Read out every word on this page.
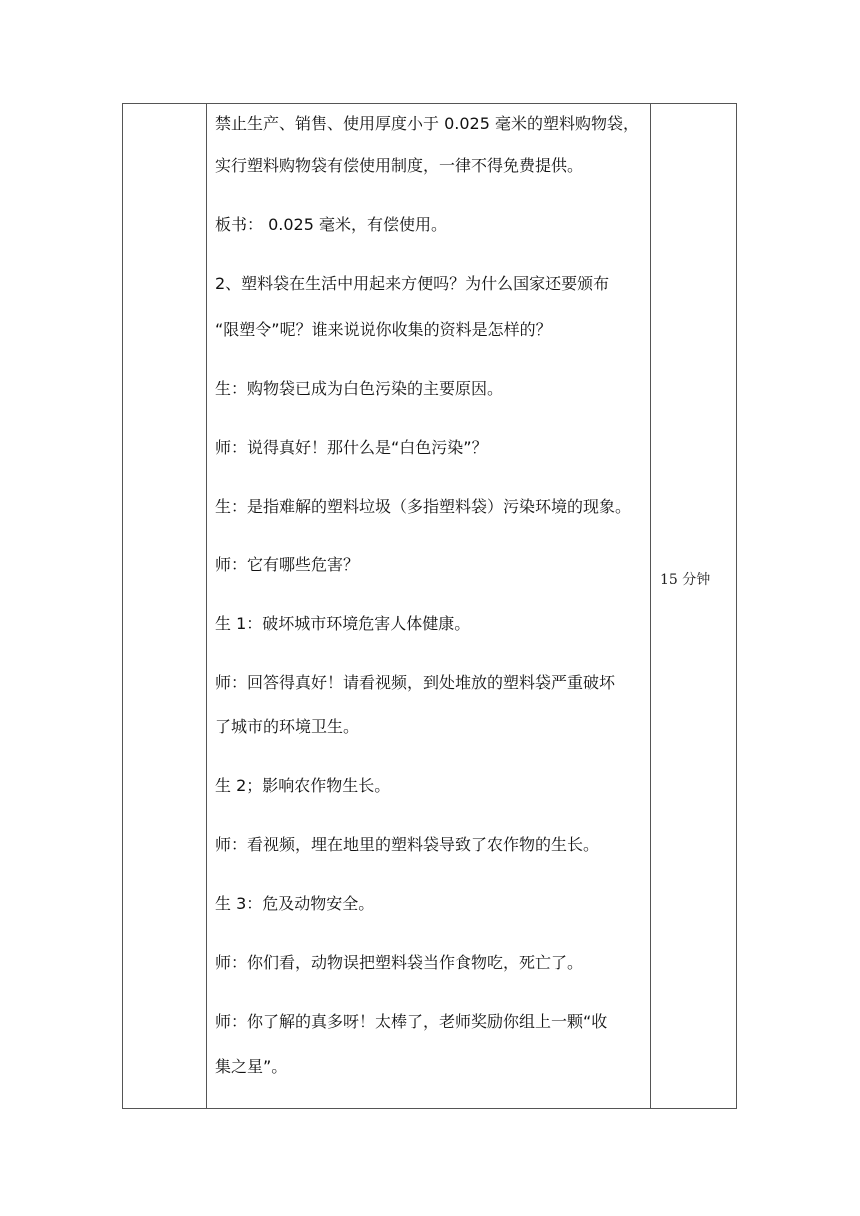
禁止生产、销售、使用厚度小于 0.025 毫米的塑料购物袋，
实行塑料购物袋有偿使用制度，一律不得免费提供。
板书： 0.025 毫米，有偿使用。
2、塑料袋在生活中用起来方便吗？为什么国家还要颁布
“限塑令”呢？谁来说说你收集的资料是怎样的？
生：购物袋已成为白色污染的主要原因。
师：说得真好！那什么是“白色污染”？
生：是指难解的塑料垃圾（多指塑料袋）污染环境的现象。
师：它有哪些危害？
生 1：破坏城市环境危害人体健康。
师：回答得真好！请看视频，到处堆放的塑料袋严重破坏
了城市的环境卫生。
生 2；影响农作物生长。
师：看视频，埋在地里的塑料袋导致了农作物的生长。
生 3：危及动物安全。
师：你们看，动物误把塑料袋当作食物吃，死亡了。
师：你了解的真多呀！太棒了，老师奖励你组上一颗“收
集之星”。
15 分钟
